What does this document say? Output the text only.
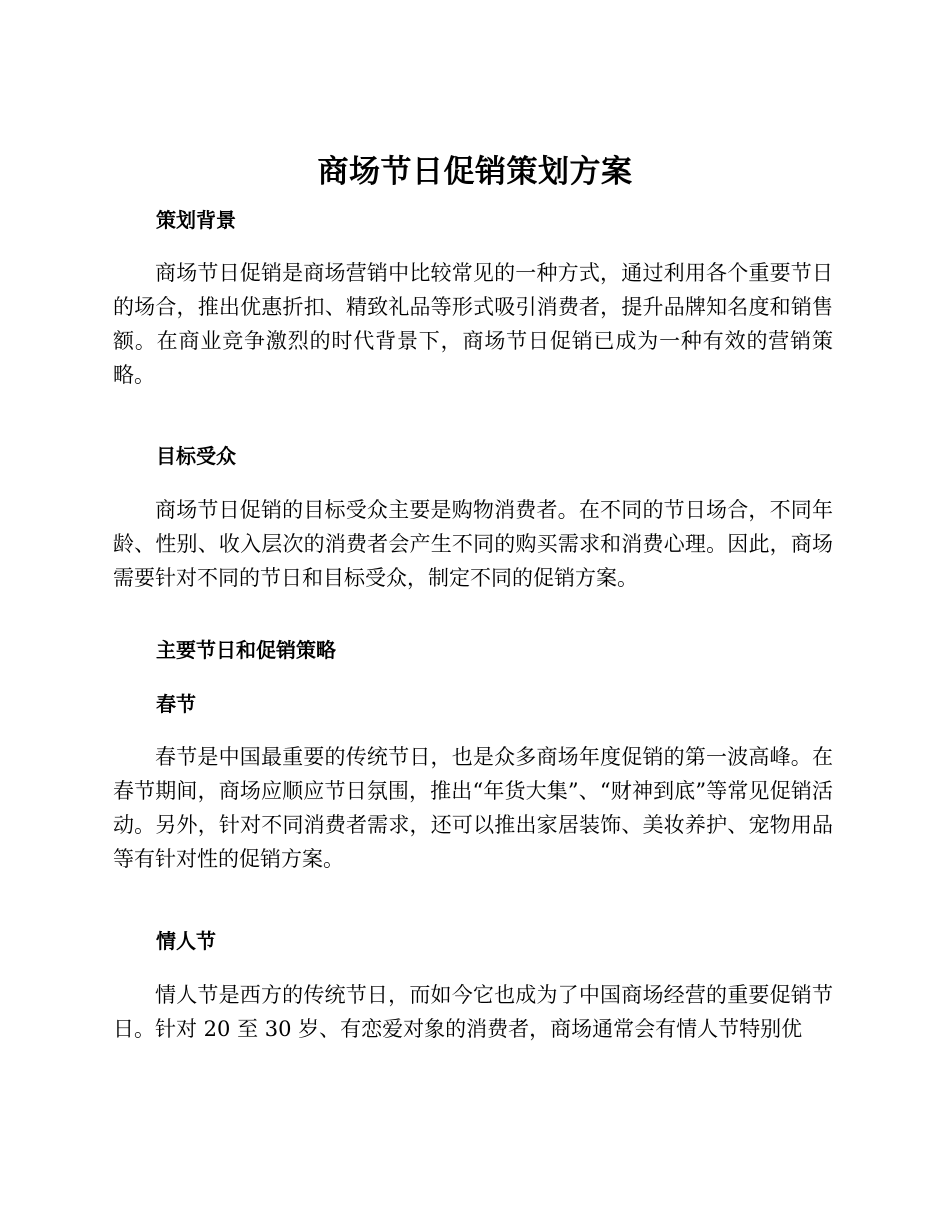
商场节日促销策划方案
策划背景

商场节日促销是商场营销中比较常见的一种方式，通过利用各个重要节日的场合，推出优惠折扣、精致礼品等形式吸引消费者，提升品牌知名度和销售额。在商业竞争激烈的时代背景下，商场节日促销已成为一种有效的营销策略。

目标受众

商场节日促销的目标受众主要是购物消费者。在不同的节日场合，不同年龄、性别、收入层次的消费者会产生不同的购买需求和消费心理。因此，商场需要针对不同的节日和目标受众，制定不同的促销方案。

主要节日和促销策略
春节

春节是中国最重要的传统节日，也是众多商场年度促销的第一波高峰。在春节期间，商场应顺应节日氛围，推出“年货大集”、“财神到底”等常见促销活动。另外，针对不同消费者需求，还可以推出家居装饰、美妆养护、宠物用品等有针对性的促销方案。

情人节

情人节是西方的传统节日，而如今它也成为了中国商场经营的重要促销节日。针对 20 至 30 岁、有恋爱对象的消费者，商场通常会有情人节特别优
